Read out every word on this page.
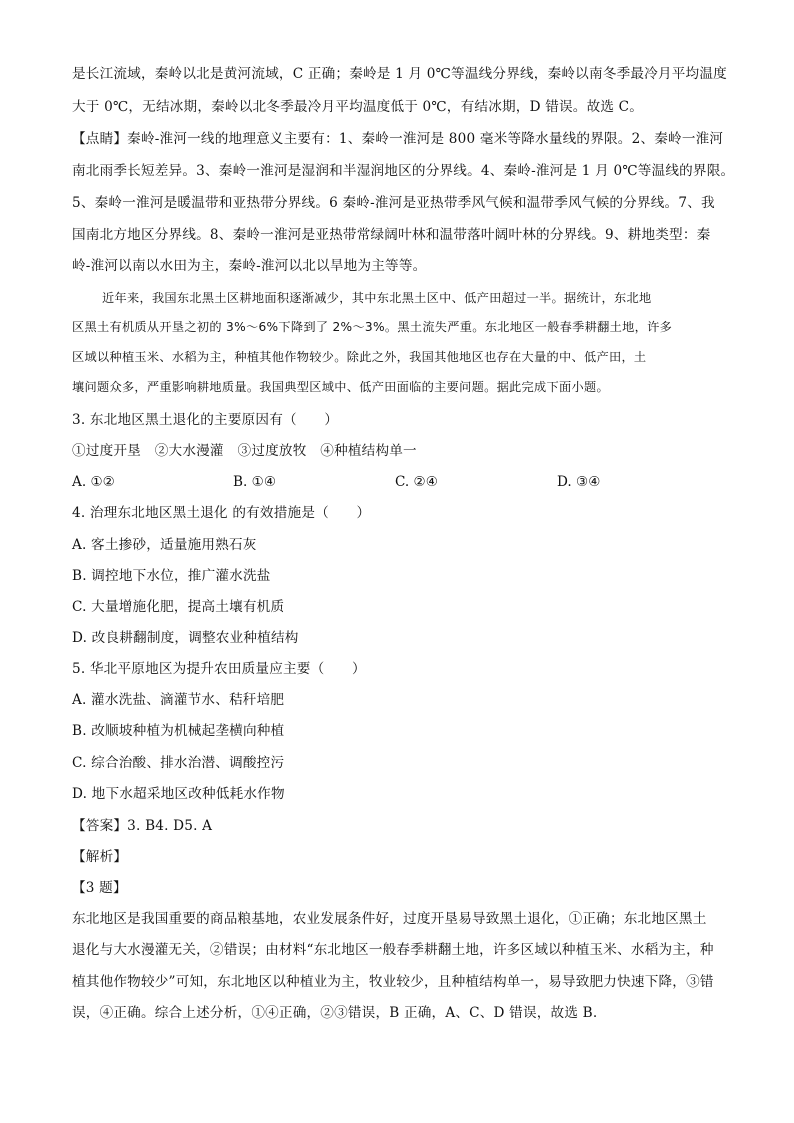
是长江流域，秦岭以北是黄河流域，C 正确；秦岭是 1 月 0℃等温线分界线，秦岭以南冬季最冷月平均温度
大于 0℃，无结冰期，秦岭以北冬季最冷月平均温度低于 0℃，有结冰期，D 错误。故选 C。
【点睛】秦岭-淮河一线的地理意义主要有：1、秦岭一淮河是 800 毫米等降水量线的界限。2、秦岭一淮河
南北雨季长短差异。3、秦岭一淮河是湿润和半湿润地区的分界线。4、秦岭-淮河是 1 月 0℃等温线的界限。
5、秦岭一淮河是暖温带和亚热带分界线。6 秦岭-淮河是亚热带季风气候和温带季风气候的分界线。7、我
国南北方地区分界线。8、秦岭一淮河是亚热带常绿阔叶林和温带落叶阔叶林的分界线。9、耕地类型：秦
岭-淮河以南以水田为主，秦岭-淮河以北以旱地为主等等。
近年来，我国东北黑土区耕地面积逐渐减少，其中东北黑土区中、低产田超过一半。据统计，东北地
区黑土有机质从开垦之初的 3%～6%下降到了 2%～3%。黑土流失严重。东北地区一般春季耕翻土地，许多
区域以种植玉米、水稻为主，种植其他作物较少。除此之外，我国其他地区也存在大量的中、低产田，土
壤问题众多，严重影响耕地质量。我国典型区域中、低产田面临的主要问题。据此完成下面小题。
3. 东北地区黑土退化的主要原因有（　　）
①过度开垦　②大水漫灌　③过度放牧　④种植结构单一
A. ①②	B. ①④	C. ②④	D. ③④
4. 治理东北地区黑土退化 的有效措施是（　　）
A. 客土掺砂，适量施用熟石灰
B. 调控地下水位，推广灌水洗盐
C. 大量增施化肥，提高土壤有机质
D. 改良耕翻制度，调整农业种植结构
5. 华北平原地区为提升农田质量应主要（　　）
A. 灌水洗盐、滴灌节水、秸秆培肥
B. 改顺坡种植为机械起垄横向种植
C. 综合治酸、排水治潜、调酸控污
D. 地下水超采地区改种低耗水作物
【答案】3. B4. D5. A
【解析】
【3 题】
东北地区是我国重要的商品粮基地，农业发展条件好，过度开垦易导致黑土退化，①正确；东北地区黑土
退化与大水漫灌无关，②错误；由材料“东北地区一般春季耕翻土地，许多区域以种植玉米、水稻为主，种
植其他作物较少”可知，东北地区以种植业为主，牧业较少，且种植结构单一，易导致肥力快速下降，③错
误，④正确。综合上述分析，①④正确，②③错误，B 正确，A、C、D 错误，故选 B.
